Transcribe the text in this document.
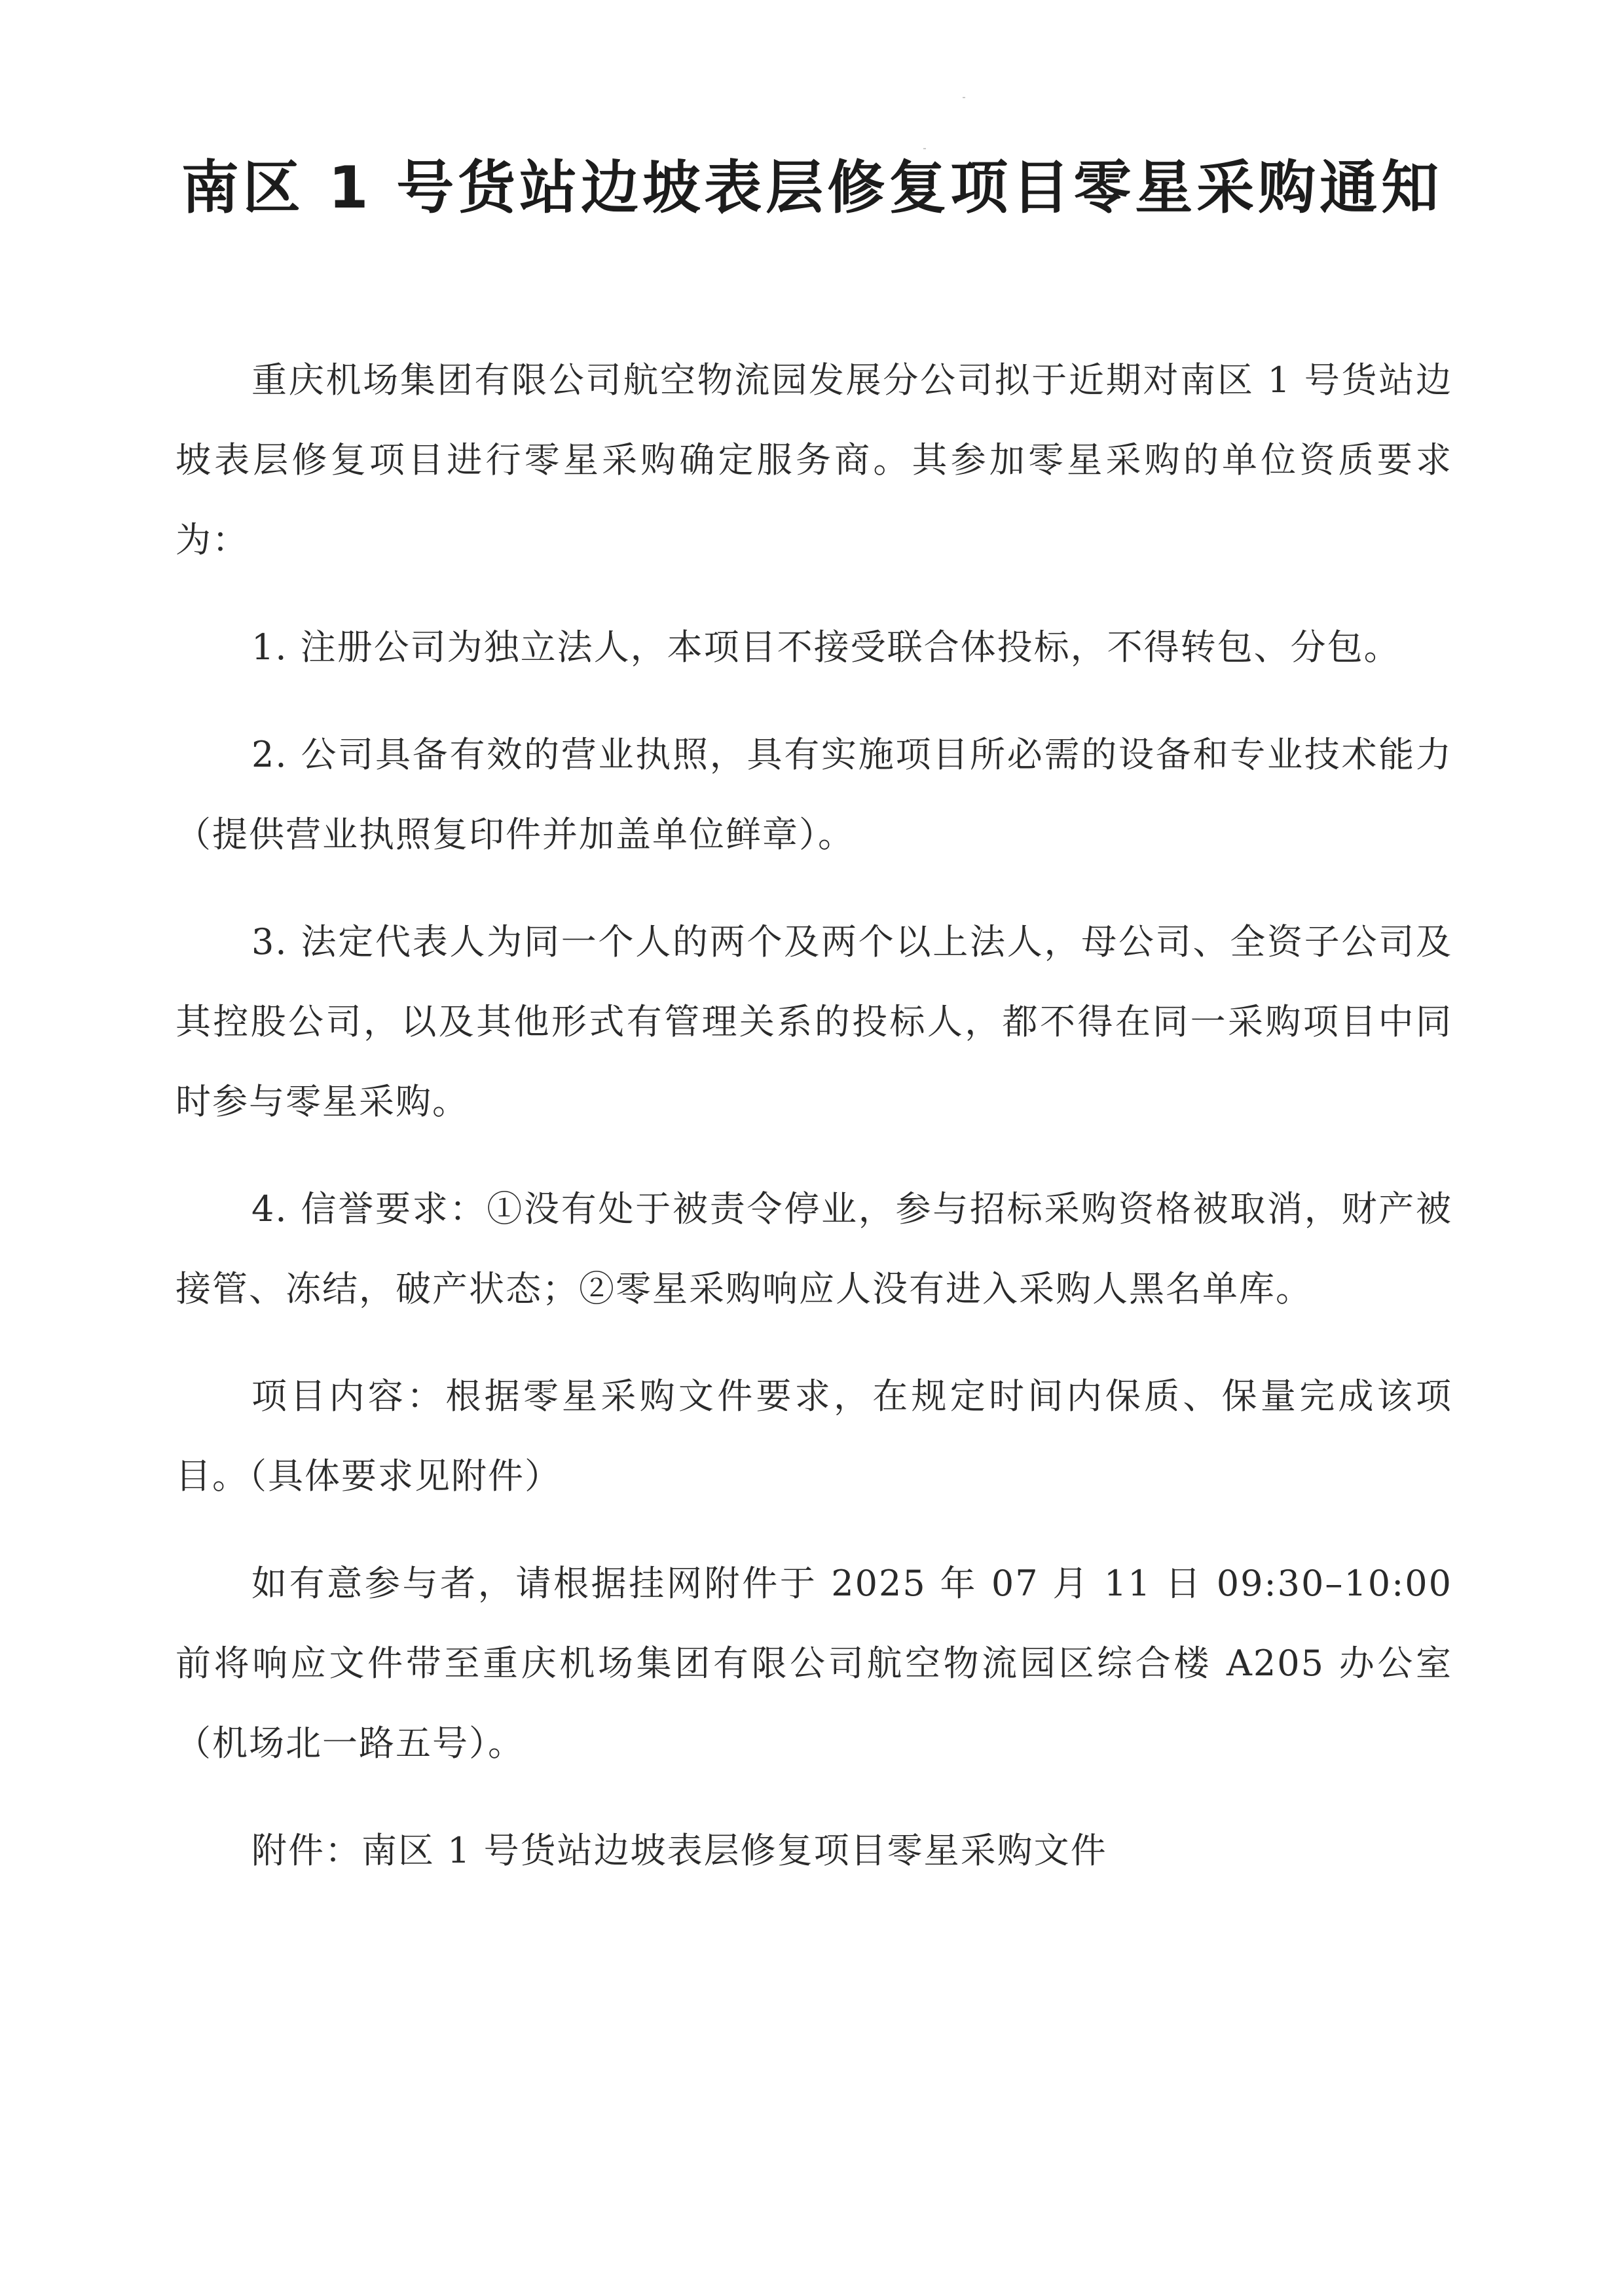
南区 1 号货站边坡表层修复项目零星采购通知

重庆机场集团有限公司航空物流园发展分公司拟于近期对南区 1 号货站边坡表层修复项目进行零星采购确定服务商。其参加零星采购的单位资质要求为：

1. 注册公司为独立法人，本项目不接受联合体投标，不得转包、分包。

2. 公司具备有效的营业执照，具有实施项目所必需的设备和专业技术能力（提供营业执照复印件并加盖单位鲜章）。

3. 法定代表人为同一个人的两个及两个以上法人，母公司、全资子公司及其控股公司，以及其他形式有管理关系的投标人，都不得在同一采购项目中同时参与零星采购。

4. 信誉要求：①没有处于被责令停业，参与招标采购资格被取消，财产被接管、冻结，破产状态；②零星采购响应人没有进入采购人黑名单库。

项目内容：根据零星采购文件要求，在规定时间内保质、保量完成该项目。（具体要求见附件）

如有意参与者，请根据挂网附件于 2025 年 07 月 11 日 09:30–10:00 前将响应文件带至重庆机场集团有限公司航空物流园区综合楼 A205 办公室（机场北一路五号）。

附件：南区 1 号货站边坡表层修复项目零星采购文件
